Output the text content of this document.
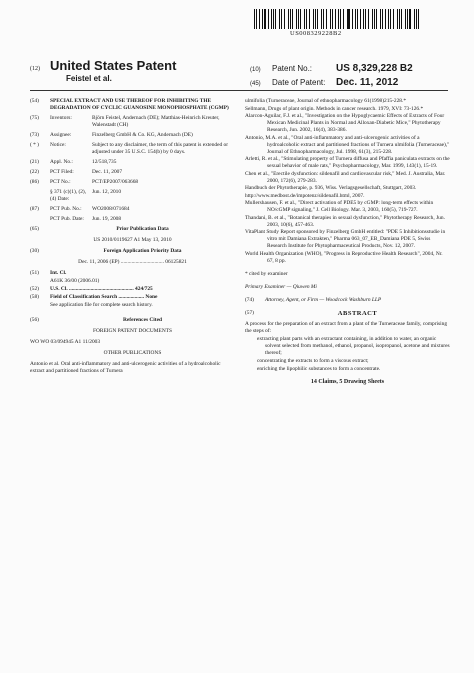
US008329228B2
(12) United States Patent
Feistel et al.
(10) Patent No.: US 8,329,228 B2
(45) Date of Patent: Dec. 11, 2012
(54)	SPECIAL EXTRACT AND USE THEREOF FOR INHIBITING THE DEGRADATION OF CYCLIC GUANOSINE MONOPHOSPHATE (CGMP)
(75)	Inventors:	Björn Feistel, Andernach (DE); Matthias-Heinrich Kreuter, Walenstadt (CH)
(73)	Assignee:	Finzelberg GmbH & Co. KG, Andernach (DE)
( * )	Notice:	Subject to any disclaimer, the term of this patent is extended or adjusted under 35 U.S.C. 154(b) by 0 days.
(21)	Appl. No.:	12/518,735
(22)	PCT Filed:	Dec. 11, 2007
(86)	PCT No.:	PCT/EP2007/063668
§ 371 (c)(1), (2), (4) Date:
Jun. 12, 2010
(87)	PCT Pub. No.:	WO2008/071684
PCT Pub. Date:	Jun. 19, 2008
(65)	Prior Publication Data
US 2010/0119627 A1 May 13, 2010
(30)	Foreign Application Priority Data
Dec. 11, 2006 (EP) ................................ 06125821
(51)	Int. Cl.
A61K 36/00 (2006.01)
(52)	U.S. Cl. ................................................ 424/725
(58)	Field of Classification Search ................... None
See application file for complete search history.
(56)	References Cited
FOREIGN PATENT DOCUMENTS
WO WO 03/094945 A1 11/2003
OTHER PUBLICATIONS
Antonio et al. Oral anti-inflammatory and anti-ulcerogenic activities of a hydroalcoholic extract and partitioned fractions of Turnera
ulmifolia (Turneraceae, Journal of ethnopharmacology 61(1998)215-228.*
Sellmann, Drugs of plant origin. Methods in cancer research. 1979, XVI: 73-126.*
Alarcon-Aguilar, F.J. et al., "Investigation on the Hypoglycaemic Effects of Extracts of Four Mexican Medicinal Plants in Normal and Alloxan-Diabetic Mice," Phytotherapy Research, Jun. 2002, 16(4), 383-386.
Antonio, M.A. et al., "Oral anti-inflammatory and anti-ulcerogenic activities of a hydroalcoholic extract and partitioned fractions of Turnera ulmifolia (Turneraceae)," Journal of Ethnopharmacology, Jul. 1998, 61(3), 215-228.
Arletti, R. et al., "Stimulating property of Turnera diffusa and Pfaffia paniculata extracts on the sexual behavior of male rats," Psychopharmacology, Mar. 1999, 143(1), 15-19.
Chen et al., "Erectile dysfunction: sildenafil and cardiovascular risk," Med. J. Australia, Mar. 2000, 172(6), 279-283.
Handbuch der Phytotherapie, p. 936, Wiss. Verlagsgesellschaft, Stuttgart, 2003.
http://www.medbost.de/impotenz/sildenafil.html, 2007.
Mullershausen, F. et al., "Direct activation of PDE5 by cGMP: long-term effects within NO/cGMP signaling," J. Cell Biology. Mar. 3, 2003, 160(5), 719-727.
Thandani, B. et al., "Botanical therapies in sexual dysfunction," Phytotherapy Research, Jun. 2003, 10(6), 457-463.
VitaPlant Study Report sponsored by Finzelberg GmbH entitled: "PDE 5 Inhibitionsstudie in vitro mit Damiana Extrakten," Pharma 063_07_EB_Damiana PDE 5, Swiss Research Institute for Phytopharmaceutical Products, Nov. 12, 2007.
World Health Organization (WHO), "Progress in Reproductive Health Research", 2004, Nr. 67, 8 pp.
* cited by examiner
Primary Examiner — Qiuwen Mi
(74)	Attorney, Agent, or Firm — Woodcock Washburn LLP
(57)	ABSTRACT
A process for the preparation of an extract from a plant of the Turneraceae family, comprising the steps of:
extracting plant parts with an extractant containing, in addition to water, an organic solvent selected from methanol, ethanol, propanol, isopropanol, acetone and mixtures thereof;
concentrating the extracts to form a viscous extract;
enriching the lipophilic substances to form a concentrate.
14 Claims, 5 Drawing Sheets
